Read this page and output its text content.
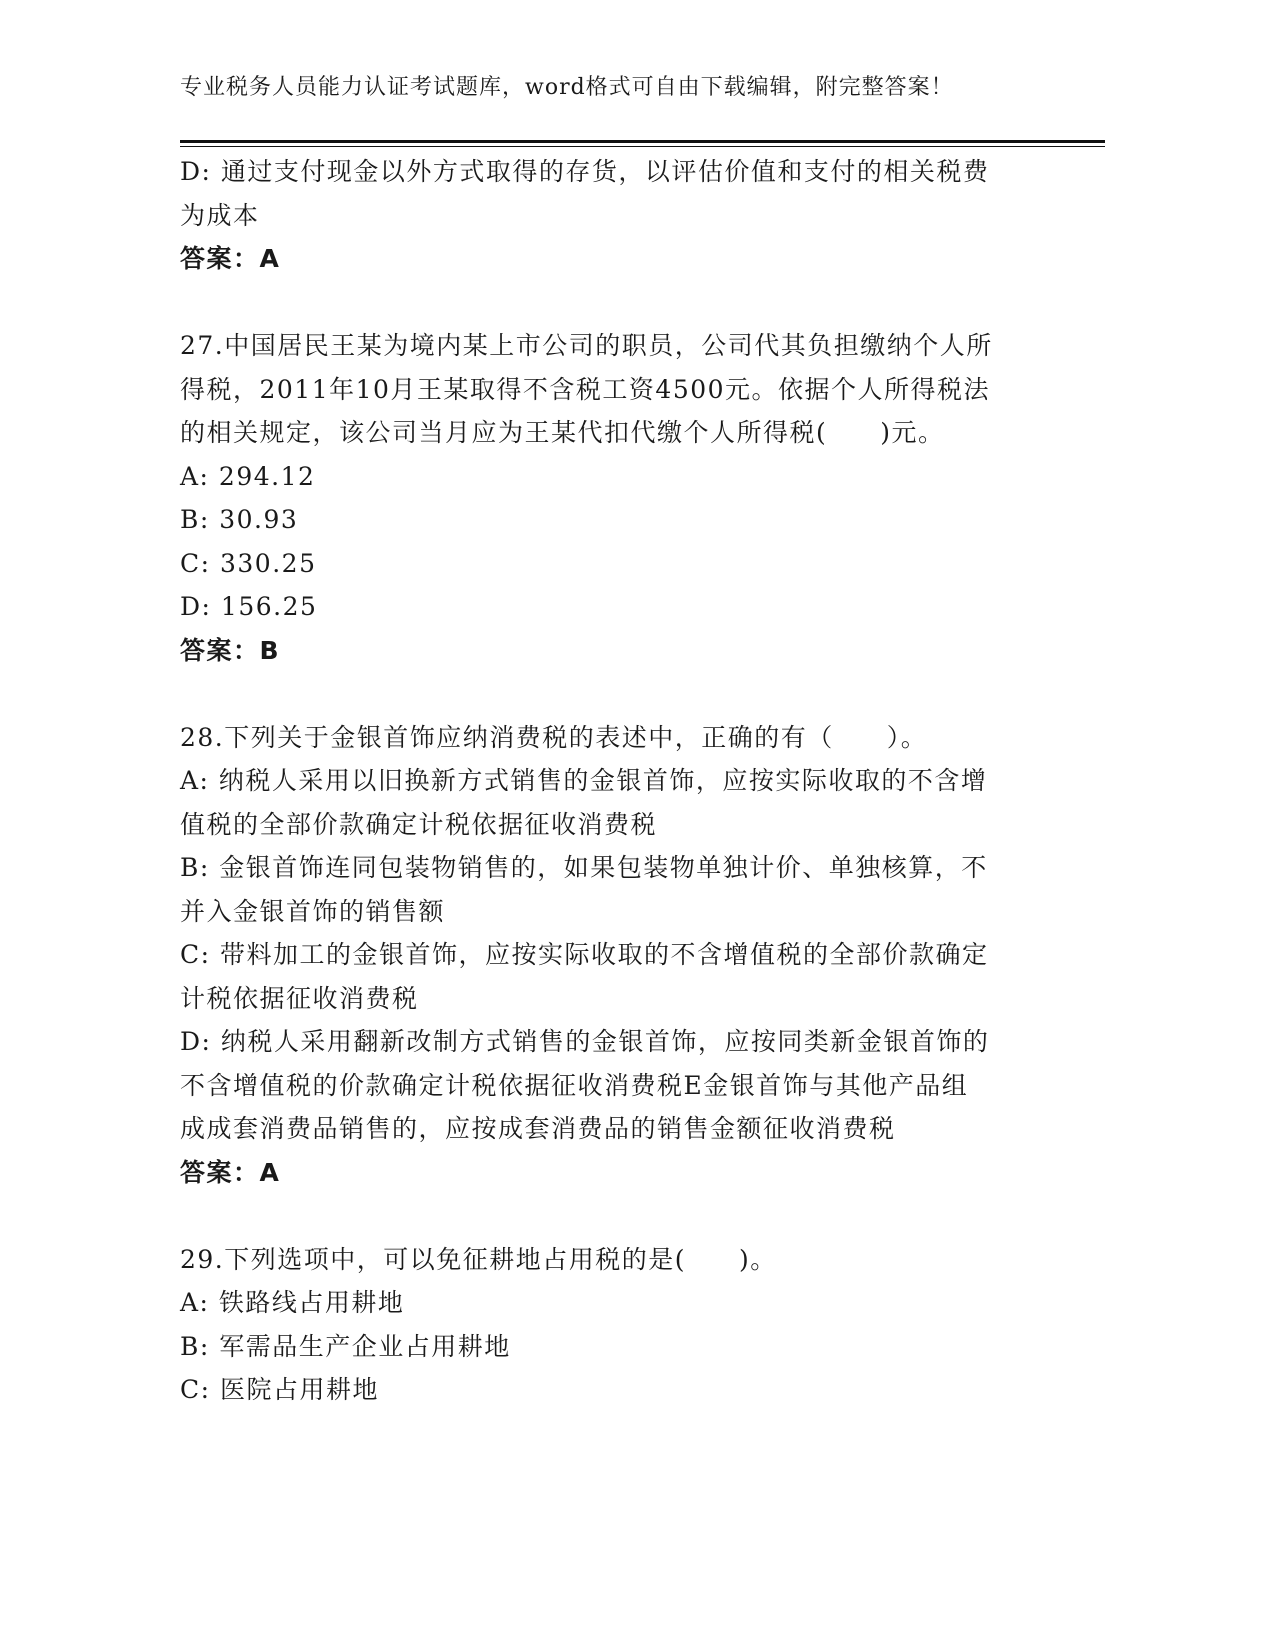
专业税务人员能力认证考试题库，word格式可自由下载编辑，附完整答案！
D: 通过支付现金以外方式取得的存货，以评估价值和支付的相关税费
为成本
答案：A
27.中国居民王某为境内某上市公司的职员，公司代其负担缴纳个人所
得税，2011年10月王某取得不含税工资4500元。依据个人所得税法
的相关规定，该公司当月应为王某代扣代缴个人所得税(　　)元。
A: 294.12
B: 30.93
C: 330.25
D: 156.25
答案：B
28.下列关于金银首饰应纳消费税的表述中，正确的有（　　）。
A: 纳税人采用以旧换新方式销售的金银首饰，应按实际收取的不含增
值税的全部价款确定计税依据征收消费税
B: 金银首饰连同包装物销售的，如果包装物单独计价、单独核算，不
并入金银首饰的销售额
C: 带料加工的金银首饰，应按实际收取的不含增值税的全部价款确定
计税依据征收消费税
D: 纳税人采用翻新改制方式销售的金银首饰，应按同类新金银首饰的
不含增值税的价款确定计税依据征收消费税E金银首饰与其他产品组
成成套消费品销售的，应按成套消费品的销售金额征收消费税
答案：A
29.下列选项中，可以免征耕地占用税的是(　　)。
A: 铁路线占用耕地
B: 军需品生产企业占用耕地
C: 医院占用耕地
